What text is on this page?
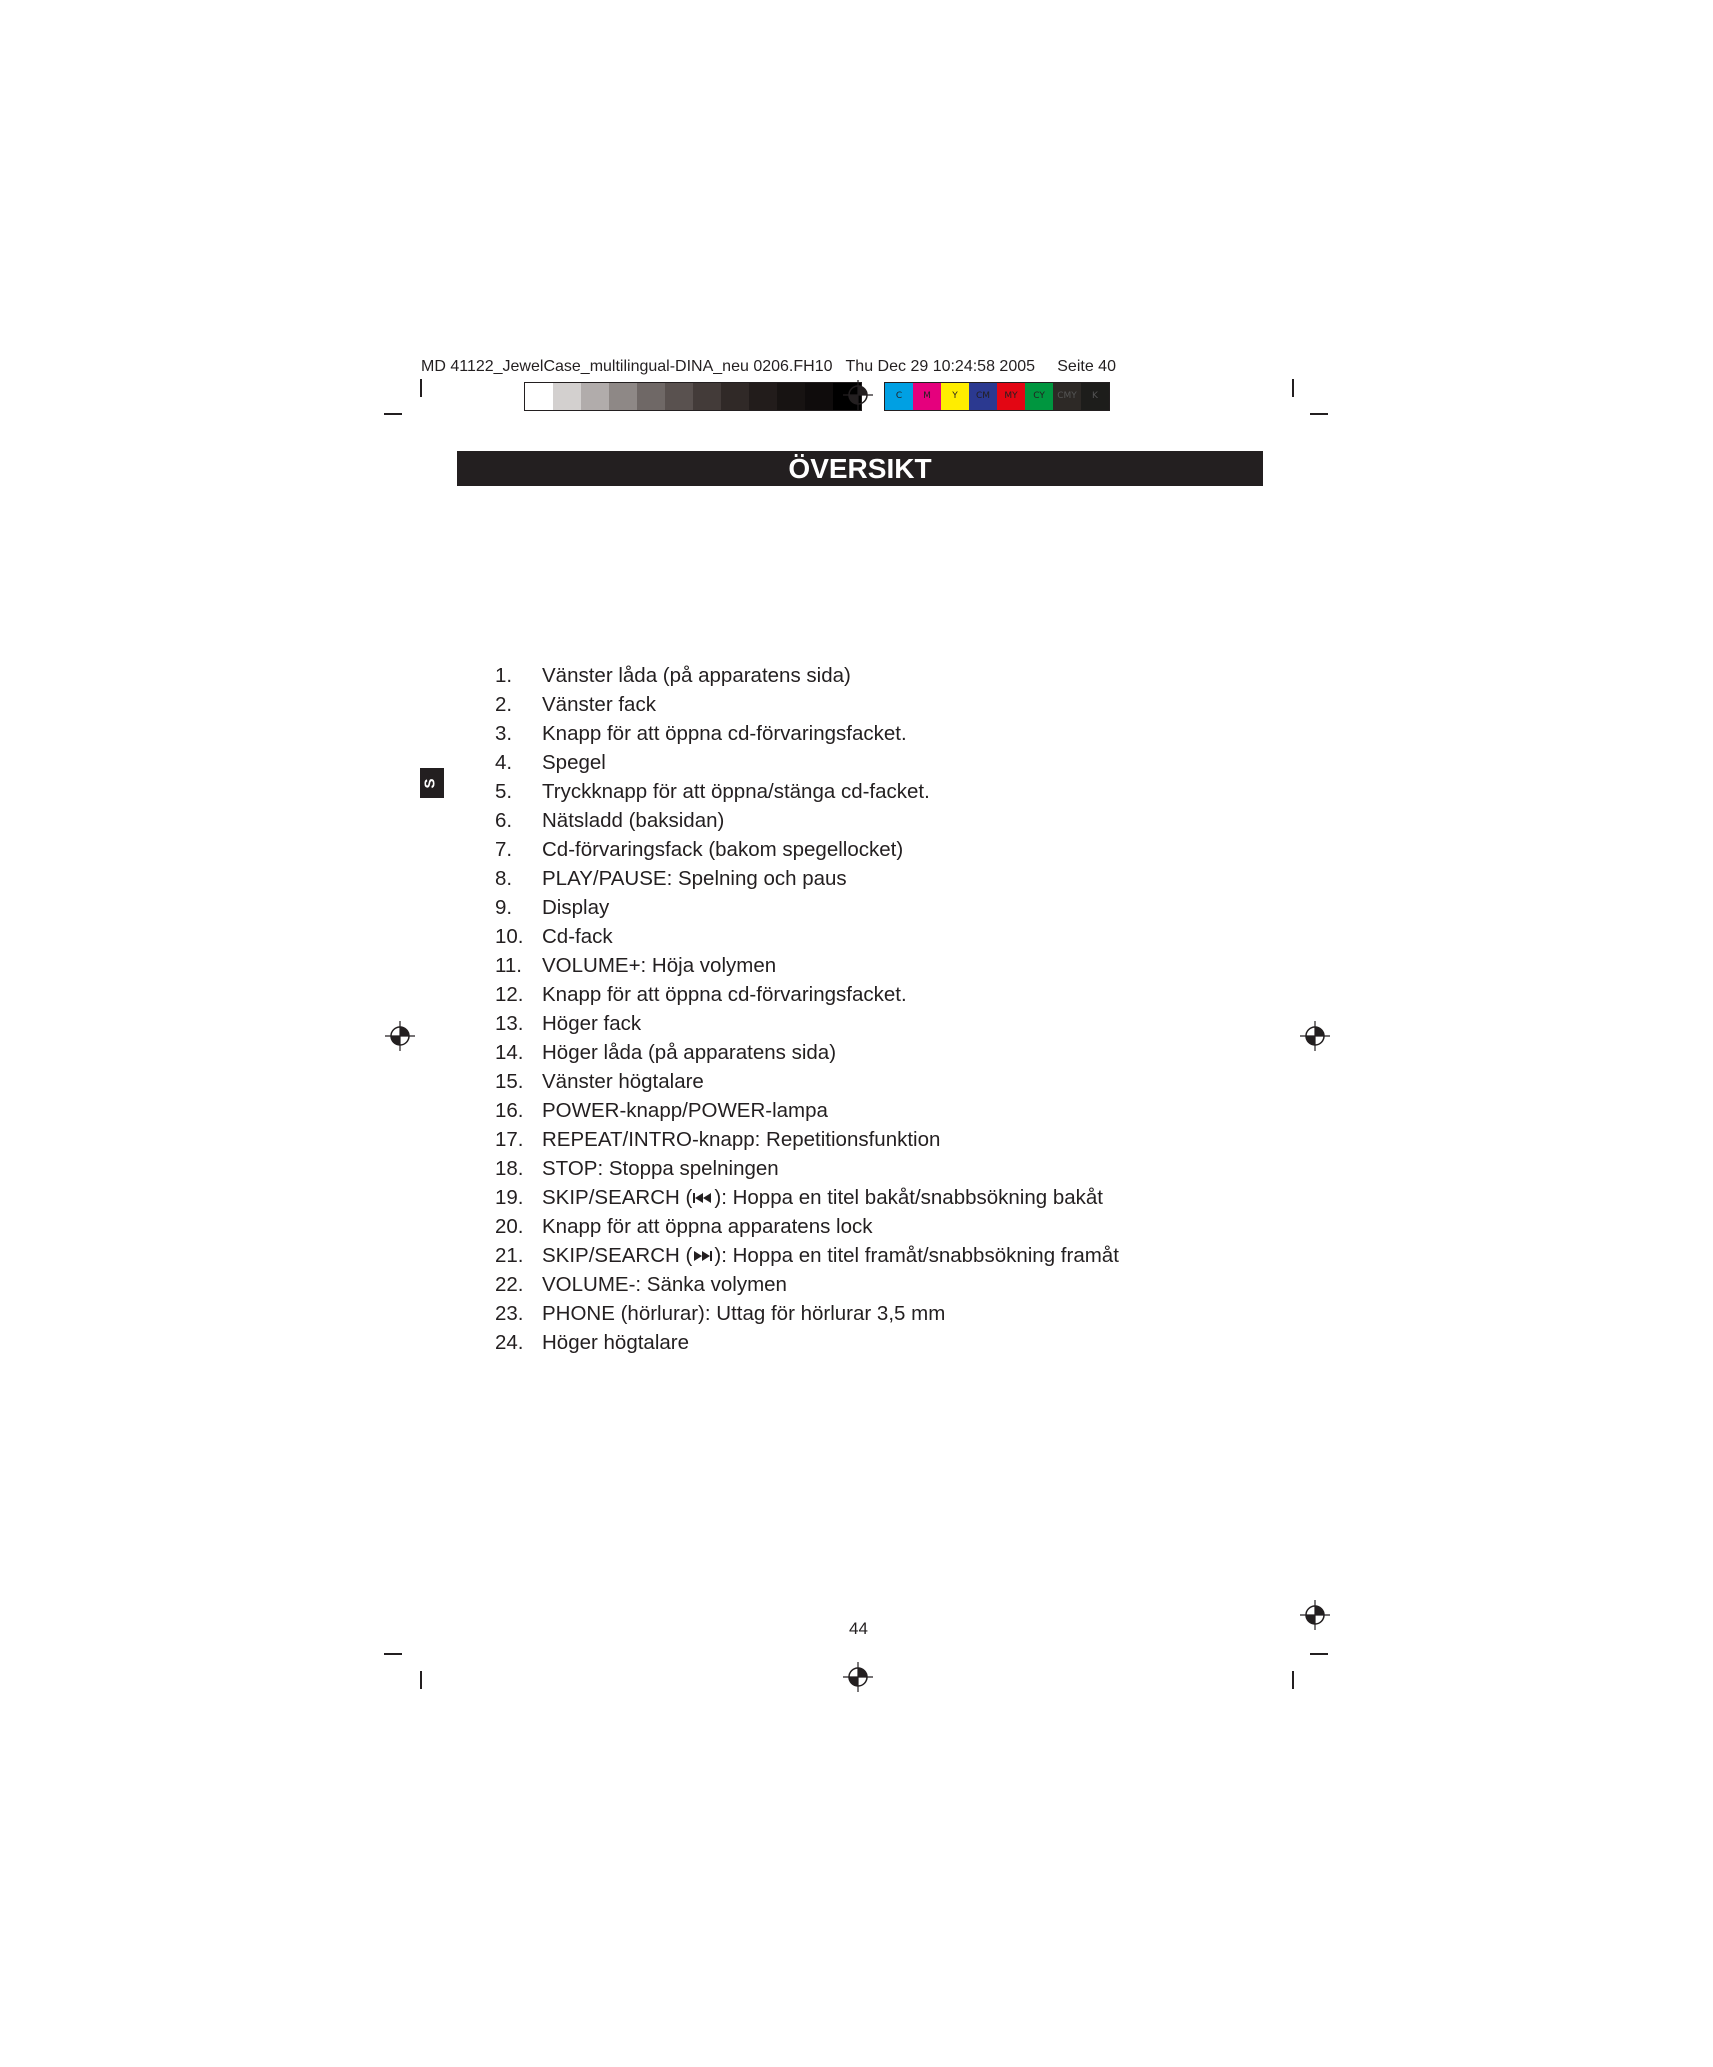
MD 41122_JewelCase_multilingual-DINA_neu 0206.FH10 Thu Dec 29 10:24:58 2005 Seite 40
C	M	Y	CM	MY	CY	CMY	K
ÖVERSIKT
S
1. Vänster låda (på apparatens sida)
2. Vänster fack
3. Knapp för att öppna cd-förvaringsfacket.
4. Spegel
5. Tryckknapp för att öppna/stänga cd-facket.
6. Nätsladd (baksidan)
7. Cd-förvaringsfack (bakom spegellocket)
8. PLAY/PAUSE: Spelning och paus
9. Display
10. Cd-fack
11. VOLUME+: Höja volymen
12. Knapp för att öppna cd-förvaringsfacket.
13. Höger fack
14. Höger låda (på apparatens sida)
15. Vänster högtalare
16. POWER-knapp/POWER-lampa
17. REPEAT/INTRO-knapp: Repetitionsfunktion
18. STOP: Stoppa spelningen
19. SKIP/SEARCH ( ): Hoppa en titel bakåt/snabbsökning bakåt
20. Knapp för att öppna apparatens lock
21. SKIP/SEARCH ( ): Hoppa en titel framåt/snabbsökning framåt
22. VOLUME-: Sänka volymen
23. PHONE (hörlurar): Uttag för hörlurar 3,5 mm
24. Höger högtalare
44
